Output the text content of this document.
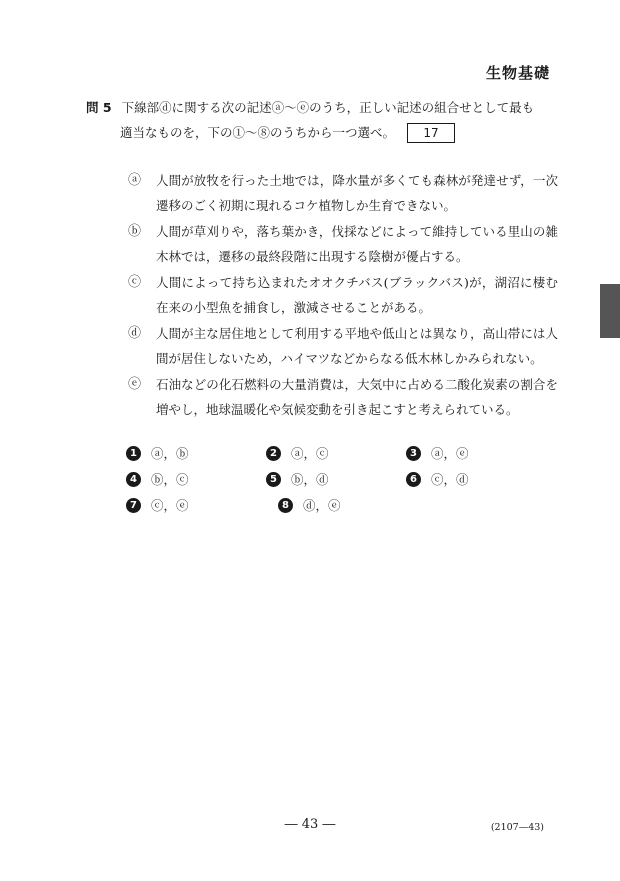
生物基礎
問 5 下線部ⓓに関する次の記述ⓐ～ⓔのうち，正しい記述の組合せとして最も
適当なものを，下の①～⑧のうちから一つ選べ。	17
ⓐ	人間が放牧を行った土地では，降水量が多くても森林が発達せず，一次遷移のごく初期に現れるコケ植物しか生育できない。
ⓑ	人間が草刈りや，落ち葉かき，伐採などによって維持している里山の雑木林では，遷移の最終段階に出現する陰樹が優占する。
ⓒ	人間によって持ち込まれたオオクチバス(ブラックバス)が，湖沼に棲む在来の小型魚を捕食し，激減させることがある。
ⓓ	人間が主な居住地として利用する平地や低山とは異なり，高山帯には人間が居住しないため，ハイマツなどからなる低木林しかみられない。
ⓔ	石油などの化石燃料の大量消費は，大気中に占める二酸化炭素の割合を増やし，地球温暖化や気候変動を引き起こすと考えられている。
1	ⓐ，ⓑ	2	ⓐ，ⓒ	3	ⓐ，ⓔ
4	ⓑ，ⓒ	5	ⓑ，ⓓ	6	ⓒ，ⓓ
7	ⓒ，ⓔ	8	ⓓ，ⓔ
― 43 ―	(2107—43)
